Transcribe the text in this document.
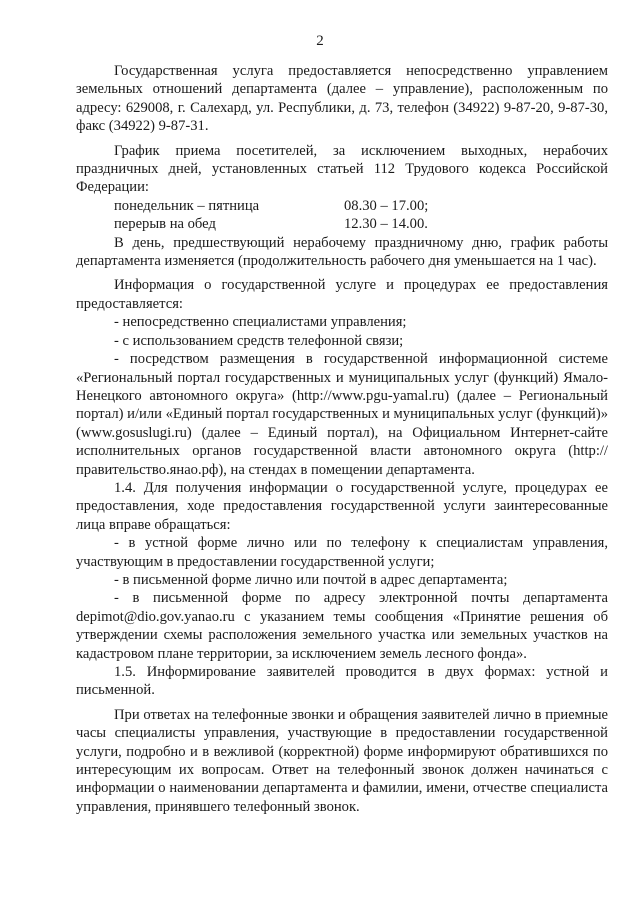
2

Государственная услуга предоставляется непосредственно управлением земельных отношений департамента (далее – управление), расположенным по адресу: 629008, г. Салехард, ул. Республики, д. 73, телефон (34922) 9-87-20, 9-87-30, факс (34922) 9-87-31.

График приема посетителей, за исключением выходных, нерабочих праздничных дней, установленных статьей 112 Трудового кодекса Российской Федерации:

понедельник – пятница	08.30 – 17.00;
перерыв на обед	12.30 – 14.00.

В день, предшествующий нерабочему праздничному дню, график работы департамента изменяется (продолжительность рабочего дня уменьшается на 1 час).

Информация о государственной услуге и процедурах ее предоставления предоставляется:

- непосредственно специалистами управления;

- с использованием средств телефонной связи;

- посредством размещения в государственной информационной системе «Региональный портал государственных и муниципальных услуг (функций) Ямало-Ненецкого автономного округа» (http://www.pgu-yamal.ru) (далее – Региональный портал) и/или «Единый портал государственных и муниципальных услуг (функций)» (www.gosuslugi.ru) (далее – Единый портал), на Официальном Интернет-сайте исполнительных органов государственной власти автономного округа (http://правительство.янао.рф), на стендах в помещении департамента.

1.4. Для получения информации о государственной услуге, процедурах ее предоставления, ходе предоставления государственной услуги заинтересованные лица вправе обращаться:

- в устной форме лично или по телефону к специалистам управления, участвующим в предоставлении государственной услуги;

- в письменной форме лично или почтой в адрес департамента;

- в письменной форме по адресу электронной почты департамента depimot@dio.gov.yanao.ru с указанием темы сообщения «Принятие решения об утверждении схемы расположения земельного участка или земельных участков на кадастровом плане территории, за исключением земель лесного фонда».

1.5. Информирование заявителей проводится в двух формах: устной и письменной.

При ответах на телефонные звонки и обращения заявителей лично в приемные часы специалисты управления, участвующие в предоставлении государственной услуги, подробно и в вежливой (корректной) форме информируют обратившихся по интересующим их вопросам. Ответ на телефонный звонок должен начинаться с информации о наименовании департамента и фамилии, имени, отчестве специалиста управления, принявшего телефонный звонок.
